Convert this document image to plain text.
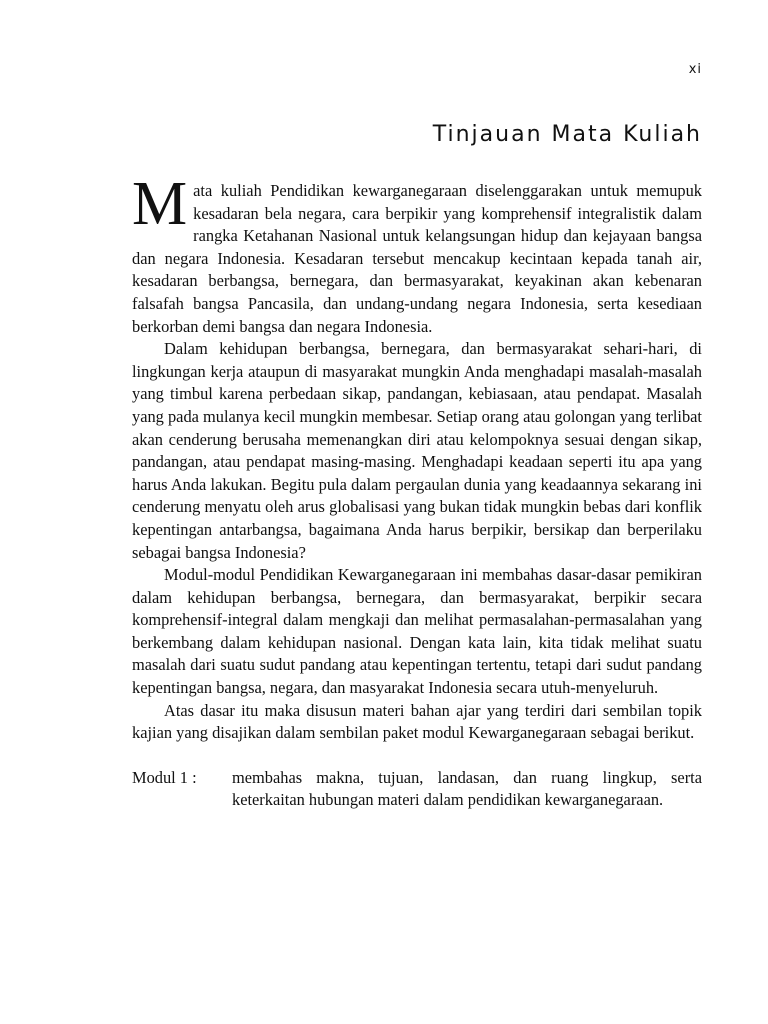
xi
Tinjauan Mata Kuliah

Mata kuliah Pendidikan kewarganegaraan diselenggarakan untuk memupuk kesadaran bela negara, cara berpikir yang komprehensif integralistik dalam rangka Ketahanan Nasional untuk kelangsungan hidup dan kejayaan bangsa dan negara Indonesia. Kesadaran tersebut mencakup kecintaan kepada tanah air, kesadaran berbangsa, bernegara, dan bermasyarakat, keyakinan akan kebenaran falsafah bangsa Pancasila, dan undang-undang negara Indonesia, serta kesediaan berkorban demi bangsa dan negara Indonesia.

Dalam kehidupan berbangsa, bernegara, dan bermasyarakat sehari-hari, di lingkungan kerja ataupun di masyarakat mungkin Anda menghadapi masalah-masalah yang timbul karena perbedaan sikap, pandangan, kebiasaan, atau pendapat. Masalah yang pada mulanya kecil mungkin membesar. Setiap orang atau golongan yang terlibat akan cenderung berusaha memenangkan diri atau kelompoknya sesuai dengan sikap, pandangan, atau pendapat masing-masing. Menghadapi keadaan seperti itu apa yang harus Anda lakukan. Begitu pula dalam pergaulan dunia yang keadaannya sekarang ini cenderung menyatu oleh arus globalisasi yang bukan tidak mungkin bebas dari konflik kepentingan antarbangsa, bagaimana Anda harus berpikir, bersikap dan berperilaku sebagai bangsa Indonesia?

Modul-modul Pendidikan Kewarganegaraan ini membahas dasar-dasar pemikiran dalam kehidupan berbangsa, bernegara, dan bermasyarakat, berpikir secara komprehensif-integral dalam mengkaji dan melihat permasalahan-permasalahan yang berkembang dalam kehidupan nasional. Dengan kata lain, kita tidak melihat suatu masalah dari suatu sudut pandang atau kepentingan tertentu, tetapi dari sudut pandang kepentingan bangsa, negara, dan masyarakat Indonesia secara utuh-menyeluruh.

Atas dasar itu maka disusun materi bahan ajar yang terdiri dari sembilan topik kajian yang disajikan dalam sembilan paket modul Kewarganegaraan sebagai berikut.

Modul 1 :	membahas makna, tujuan, landasan, dan ruang lingkup, serta keterkaitan hubungan materi dalam pendidikan kewarganegaraan.
